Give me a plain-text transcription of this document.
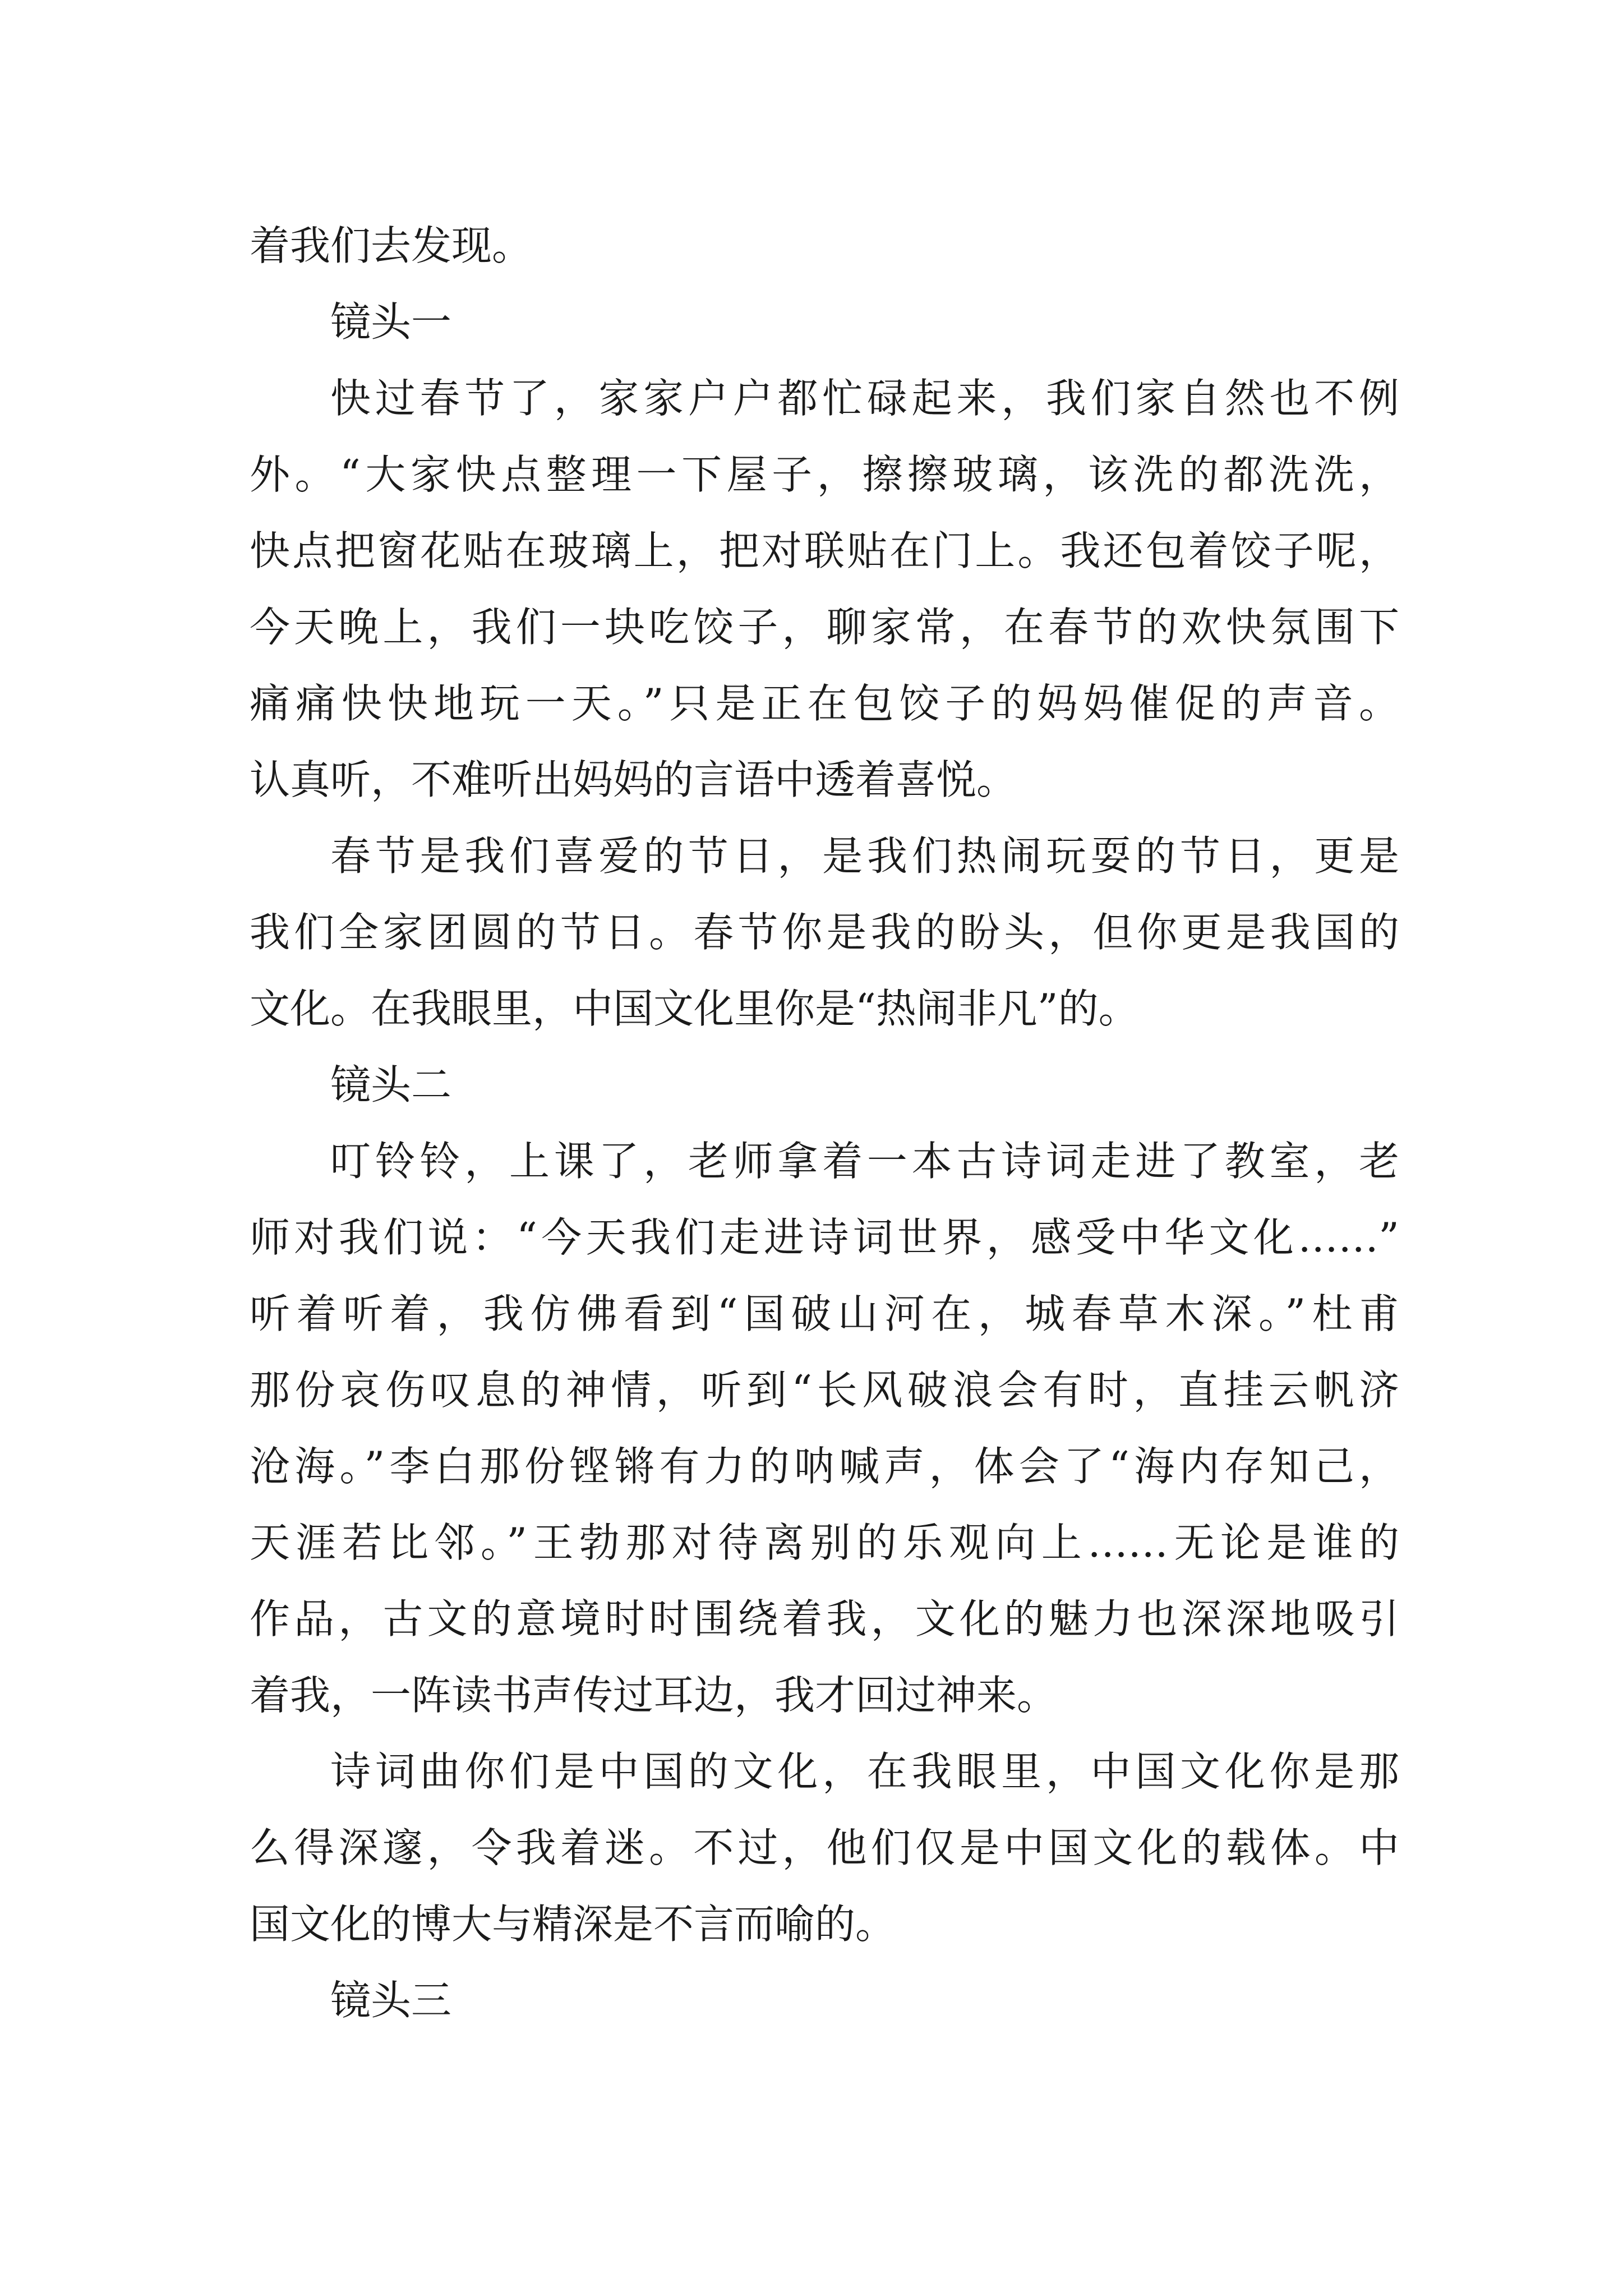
着我们去发现。
镜头一
快过春节了，家家户户都忙碌起来，我们家自然也不例
外。“大家快点整理一下屋子，擦擦玻璃，该洗的都洗洗，
快点把窗花贴在玻璃上，把对联贴在门上。我还包着饺子呢，
今天晚上，我们一块吃饺子，聊家常，在春节的欢快氛围下
痛痛快快地玩一天。”只是正在包饺子的妈妈催促的声音。
认真听，不难听出妈妈的言语中透着喜悦。
春节是我们喜爱的节日，是我们热闹玩耍的节日，更是
我们全家团圆的节日。春节你是我的盼头，但你更是我国的
文化。在我眼里，中国文化里你是“热闹非凡”的。
镜头二
叮铃铃，上课了，老师拿着一本古诗词走进了教室，老
师对我们说：“今天我们走进诗词世界，感受中华文化……”
听着听着，我仿佛看到“国破山河在，城春草木深。”杜甫
那份哀伤叹息的神情，听到“长风破浪会有时，直挂云帆济
沧海。”李白那份铿锵有力的呐喊声，体会了“海内存知己，
天涯若比邻。”王勃那对待离别的乐观向上……无论是谁的
作品，古文的意境时时围绕着我，文化的魅力也深深地吸引
着我，一阵读书声传过耳边，我才回过神来。
诗词曲你们是中国的文化，在我眼里，中国文化你是那
么得深邃，令我着迷。不过，他们仅是中国文化的载体。中
国文化的博大与精深是不言而喻的。
镜头三
